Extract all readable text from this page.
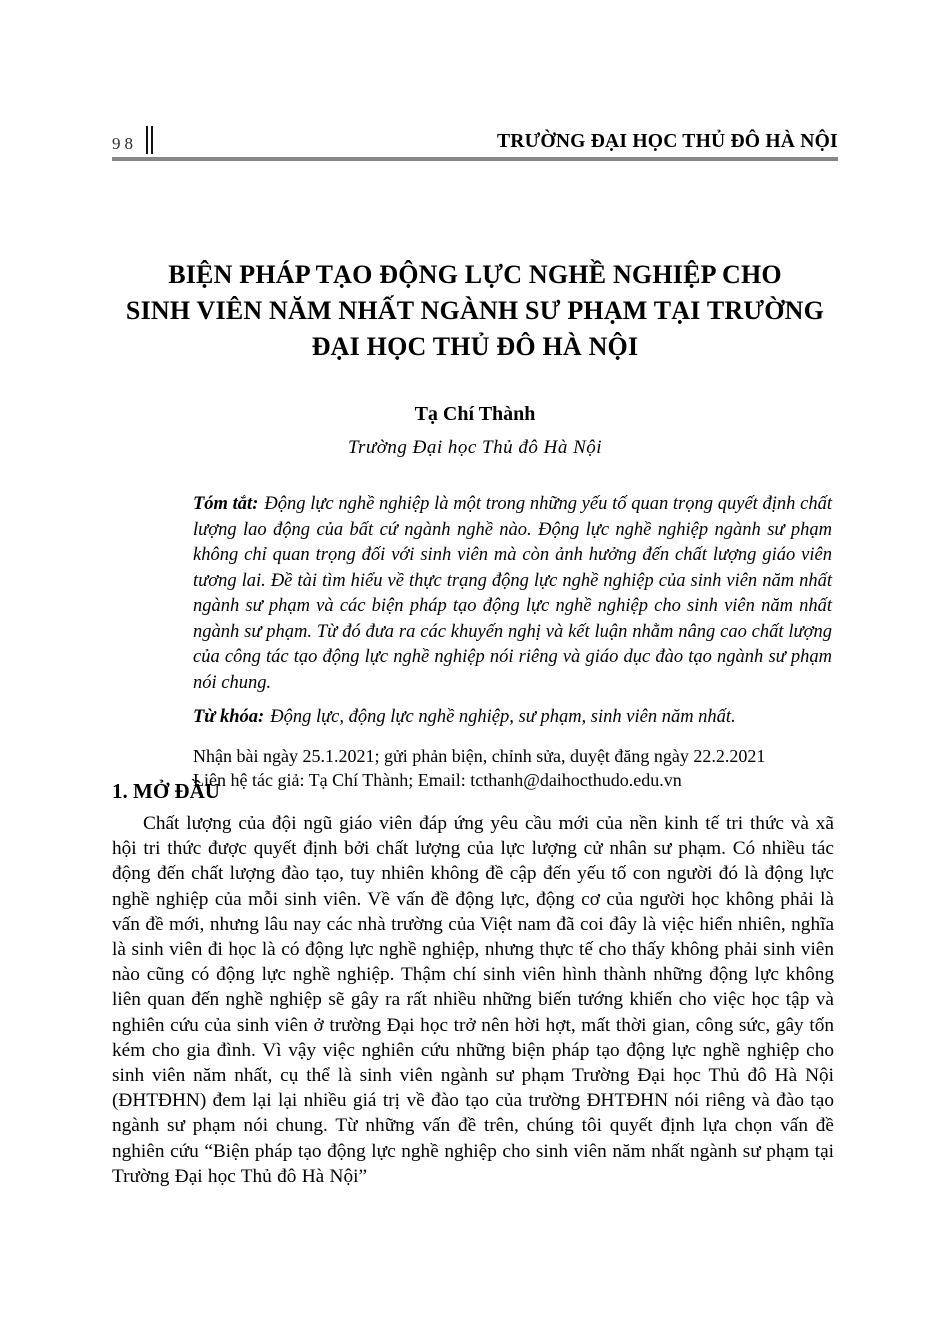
98	TRƯỜNG ĐẠI HỌC THỦ ĐÔ HÀ NỘI
BIỆN PHÁP TẠO ĐỘNG LỰC NGHỀ NGHIỆP CHO
SINH VIÊN NĂM NHẤT NGÀNH SƯ PHẠM TẠI TRƯỜNG
ĐẠI HỌC THỦ ĐÔ HÀ NỘI
Tạ Chí Thành
Trường Đại học Thủ đô Hà Nội

Tóm tắt: Động lực nghề nghiệp là một trong những yếu tố quan trọng quyết định chất lượng lao động của bất cứ ngành nghề nào. Động lực nghề nghiệp ngành sư phạm không chỉ quan trọng đối với sinh viên mà còn ảnh hưởng đến chất lượng giáo viên tương lai. Đề tài tìm hiểu về thực trạng động lực nghề nghiệp của sinh viên năm nhất ngành sư phạm và các biện pháp tạo động lực nghề nghiệp cho sinh viên năm nhất ngành sư phạm. Từ đó đưa ra các khuyến nghị và kết luận nhằm nâng cao chất lượng của công tác tạo động lực nghề nghiệp nói riêng và giáo dục đào tạo ngành sư phạm nói chung.

Từ khóa: Động lực, động lực nghề nghiệp, sư phạm, sinh viên năm nhất.

Nhận bài ngày 25.1.2021; gửi phản biện, chỉnh sửa, duyệt đăng ngày 22.2.2021
Liên hệ tác giả: Tạ Chí Thành; Email: tcthanh@daihocthudo.edu.vn
1. MỞ ĐẦU
Chất lượng của đội ngũ giáo viên đáp ứng yêu cầu mới của nền kinh tế tri thức và xã hội tri thức được quyết định bởi chất lượng của lực lượng cử nhân sư phạm. Có nhiều tác động đến chất lượng đào tạo, tuy nhiên không đề cập đến yếu tố con người đó là động lực nghề nghiệp của mỗi sinh viên. Về vấn đề động lực, động cơ của người học không phải là vấn đề mới, nhưng lâu nay các nhà trường của Việt nam đã coi đây là việc hiển nhiên, nghĩa là sinh viên đi học là có động lực nghề nghiệp, nhưng thực tế cho thấy không phải sinh viên nào cũng có động lực nghề nghiệp. Thậm chí sinh viên hình thành những động lực không liên quan đến nghề nghiệp sẽ gây ra rất nhiều những biến tướng khiến cho việc học tập và nghiên cứu của sinh viên ở trường Đại học trở nên hời hợt, mất thời gian, công sức, gây tốn kém cho gia đình. Vì vậy việc nghiên cứu những biện pháp tạo động lực nghề nghiệp cho sinh viên năm nhất, cụ thể là sinh viên ngành sư phạm Trường Đại học Thủ đô Hà Nội (ĐHTĐHN) đem lại lại nhiều giá trị về đào tạo của trường ĐHTĐHN nói riêng và đào tạo ngành sư phạm nói chung. Từ những vấn đề trên, chúng tôi quyết định lựa chọn vấn đề nghiên cứu “Biện pháp tạo động lực nghề nghiệp cho sinh viên năm nhất ngành sư phạm tại Trường Đại học Thủ đô Hà Nội”
